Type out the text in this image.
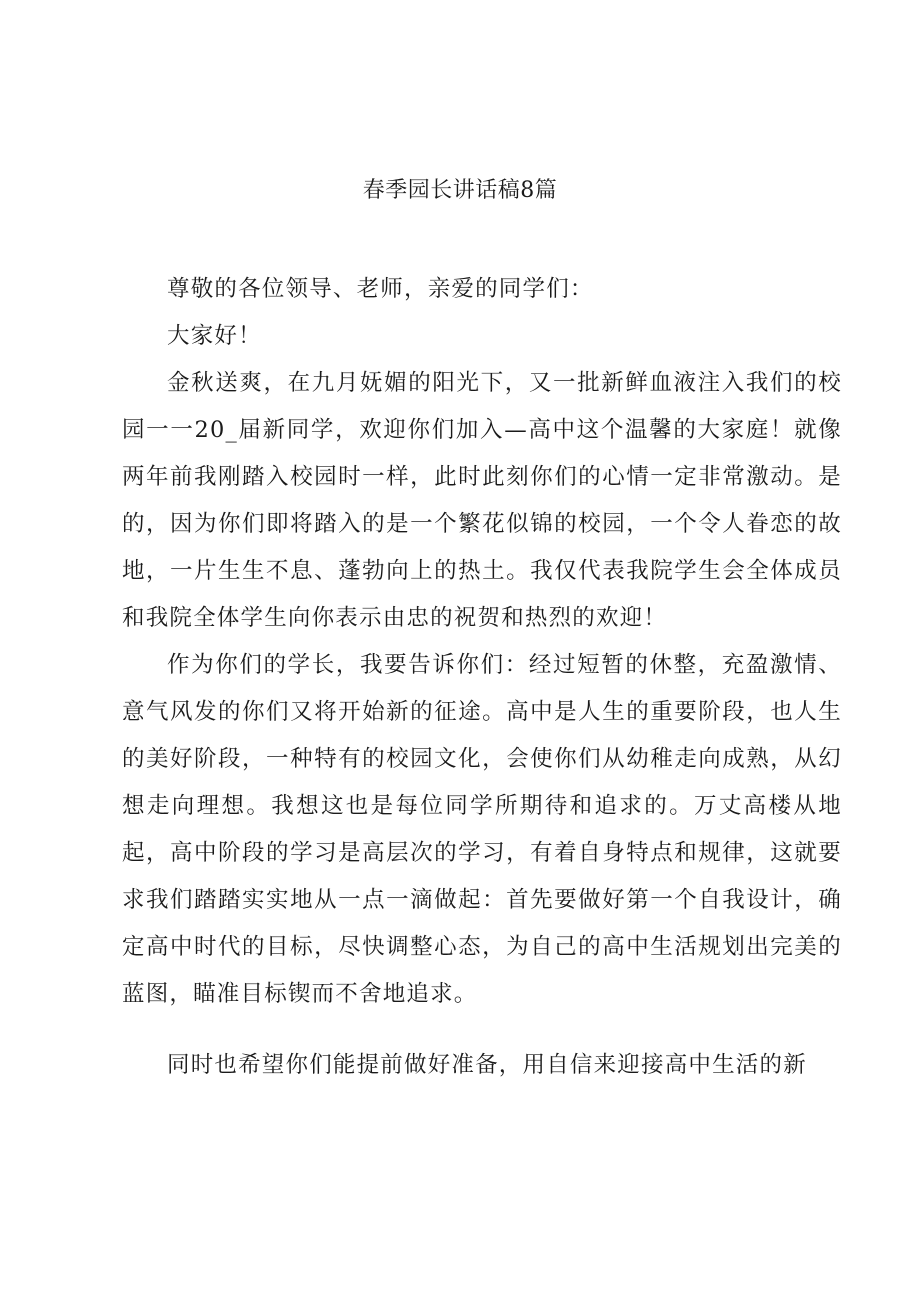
春季园长讲话稿8篇

尊敬的各位领导、老师，亲爱的同学们：

大家好！

金秋送爽，在九月妩媚的阳光下，又一批新鲜血液注入我们的校园一一20_届新同学，欢迎你们加入—高中这个温馨的大家庭！就像两年前我刚踏入校园时一样，此时此刻你们的心情一定非常激动。是的，因为你们即将踏入的是一个繁花似锦的校园，一个令人眷恋的故地，一片生生不息、蓬勃向上的热土。我仅代表我院学生会全体成员和我院全体学生向你表示由忠的祝贺和热烈的欢迎！

作为你们的学长，我要告诉你们：经过短暂的休整，充盈激情、意气风发的你们又将开始新的征途。高中是人生的重要阶段，也人生的美好阶段，一种特有的校园文化，会使你们从幼稚走向成熟，从幻想走向理想。我想这也是每位同学所期待和追求的。万丈高楼从地起，高中阶段的学习是高层次的学习，有着自身特点和规律，这就要求我们踏踏实实地从一点一滴做起：首先要做好第一个自我设计，确定高中时代的目标，尽快调整心态，为自己的高中生活规划出完美的蓝图，瞄准目标锲而不舍地追求。

同时也希望你们能提前做好准备，用自信来迎接高中生活的新
